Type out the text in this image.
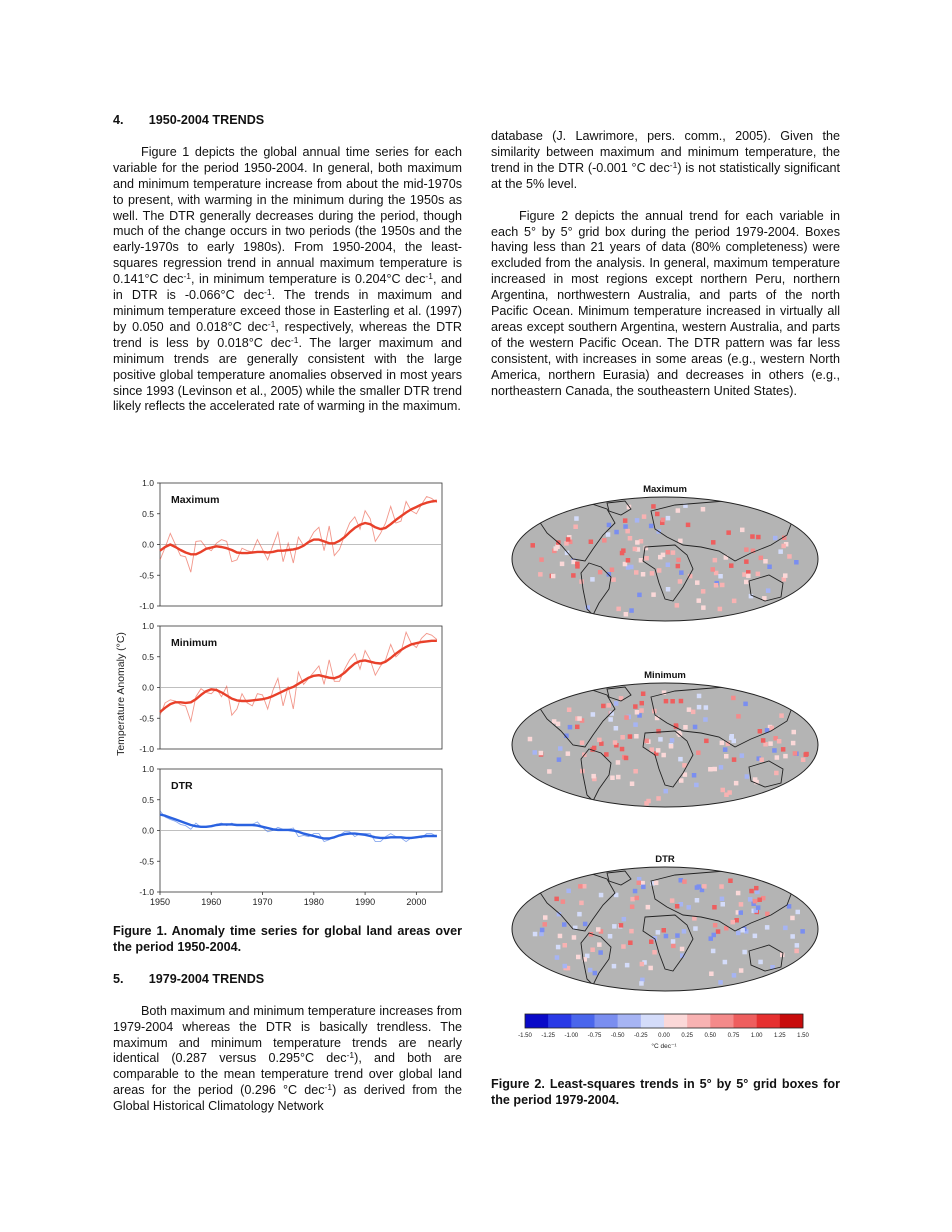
4.  1950-2004 TRENDS

Figure 1 depicts the global annual time series for each variable for the period 1950-2004. In general, both maximum and minimum temperature increase from about the mid-1970s to present, with warming in the minimum during the 1950s as well. The DTR generally decreases during the period, though much of the change occurs in two periods (the 1950s and the early-1970s to early 1980s). From 1950-2004, the least-squares regression trend in annual maximum temperature is 0.141°C dec$^{-1}$, in minimum temperature is 0.204°C dec$^{-1}$, and in DTR is -0.066°C dec$^{-1}$. The trends in maximum and minimum temperature exceed those in Easterling et al. (1997) by 0.050 and 0.018°C dec$^{-1}$, respectively, whereas the DTR trend is less by 0.018°C dec$^{-1}$. The larger maximum and minimum trends are generally consistent with the large positive global temperature anomalies observed in most years since 1993 (Levinson et al., 2005) while the smaller DTR trend likely reflects the accelerated rate of warming in the maximum.

1.0
0.5
0.0
-0.5
-1.0
Maximum
1.0
0.5
0.0
-0.5
-1.0
Minimum
1.0
0.5
0.0
-0.5
-1.0
DTR
1950	1960	1970	1980	1990	2000
Temperature Anomaly (°C)

Figure 1. Anomaly time series for global land areas over the period 1950-2004.

5.  1979-2004 TRENDS

Both maximum and minimum temperature increases from 1979-2004 whereas the DTR is basically trendless. The maximum and minimum temperature trends are nearly identical (0.287 versus 0.295°C dec$^{-1}$), and both are comparable to the mean temperature trend over global land areas for the period (0.296 °C dec$^{-1}$) as derived from the Global Historical Climatology Network

database (J. Lawrimore, pers. comm., 2005). Given the similarity between maximum and minimum temperature, the trend in the DTR (-0.001 °C dec$^{-1}$) is not statistically significant at the 5% level.

Figure 2 depicts the annual trend for each variable in each 5° by 5° grid box during the period 1979-2004. Boxes having less than 21 years of data (80% completeness) were excluded from the analysis. In general, maximum temperature increased in most regions except northern Peru, northern Argentina, northwestern Australia, and parts of the north Pacific Ocean. Minimum temperature increased in virtually all areas except southern Argentina, western Australia, and parts of the western Pacific Ocean. The DTR pattern was far less consistent, with increases in some areas (e.g., western North America, northern Eurasia) and decreases in others (e.g., northeastern Canada, the southeastern United States).

Maximum
Minimum
DTR
-1.50 -1.25 -1.00 -0.75 -0.50 -0.25 0.00 0.25 0.50 0.75 1.00 1.25 1.50
°C dec⁻¹

Figure 2. Least-squares trends in 5° by 5° grid boxes for the period 1979-2004.
